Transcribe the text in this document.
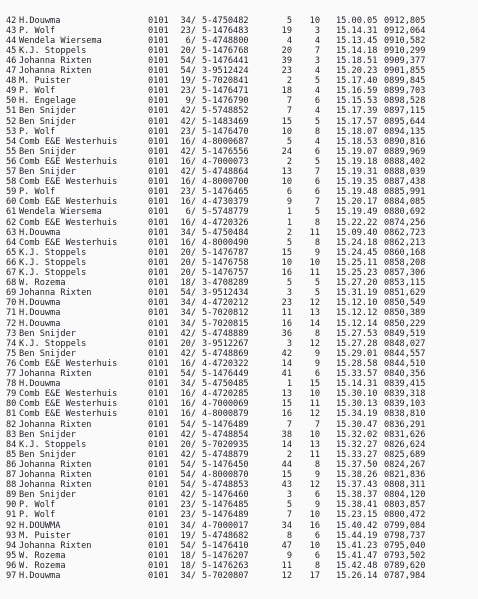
42 H.Douwma	0101	34/ 5-4750482	5	10 15.00.05 0912,805
43 P. Wolf	0101	23/ 5-1476483	19	3 15.14.31 0912,064
44 Wendela Wiersema	0101	6/ 5-4748800	4	4 15.13.45 0910,582
45 K.J. Stoppels	0101	20/ 5-1476768	20	7 15.14.18 0910,299
46 Johanna Rixten	0101	54/ 5-1476441	39	3 15.18.51 0909,377
47 Johanna Rixten	0101	54/ 3-9512424	23	4 15.20.23 0901,855
48 M. Puister	0101	19/ 5-7020841	2	5 15.17.40 0899,845
49 P. Wolf	0101	23/ 5-1476471	18	4 15.16.59 0899,703
50 H. Engelage	0101	9/ 5-1476790	7	6 15.15.53 0898,528
51 Ben Snijder	0101	42/ 5-5748852	7	4 15.17.39 0897,115
52 Ben Snijder	0101	42/ 5-1483469	15	5 15.17.57 0895,644
53 P. Wolf	0101	23/ 5-1476470	10	8 15.18.07 0894,135
54 Comb E&E Westerhuis	0101	16/ 4-8000687	5	4 15.18.53 0890,816
55 Ben Snijder	0101	42/ 5-1476556	24	6 15.19.07 0889,969
56 Comb E&E Westerhuis	0101	16/ 4-7000073	2	5 15.19.18 0888,402
57 Ben Snijder	0101	42/ 5-4748864	13	7 15.19.31 0888,039
58 Comb E&E Westerhuis	0101	16/ 4-8000700	10	6 15.19.35 0887,438
59 P. Wolf	0101	23/ 5-1476465	6	6 15.19.48 0885,991
60 Comb E&E Westerhuis	0101	16/ 4-4730379	9	7 15.20.17 0884,085
61 Wendela Wiersema	0101	6/ 5-5748779	1	5 15.19.49 0880,692
62 Comb E&E Westerhuis	0101	16/ 4-4720326	1	8 15.22.22 0874,256
63 H.Douwma	0101	34/ 5-4750484	2	11 15.09.40 0862,723
64 Comb E&E Westerhuis	0101	16/ 4-8000490	5	8 15.24.18 0862,213
65 K.J. Stoppels	0101	20/ 5-1476787	15	9 15.24.45 0860,168
66 K.J. Stoppels	0101	20/ 5-1476758	10	10 15.25.11 0858,208
67 K.J. Stoppels	0101	20/ 5-1476757	16	11 15.25.23 0857,306
68 W. Rozema	0101	18/ 3-4708289	5	5 15.27.20 0853,115
69 Johanna Rixten	0101	54/ 3-9512434	3	5 15.31.19 0851,629
70 H.Douwma	0101	34/ 4-4720212	23	12 15.12.10 0850,549
71 H.Douwma	0101	34/ 5-7020812	11	13 15.12.12 0850,389
72 H.Douwma	0101	34/ 5-7020815	16	14 15.12.14 0850,229
73 Ben Snijder	0101	42/ 5-4748889	36	8 15.27.53 0849,519
74 K.J. Stoppels	0101	20/ 3-9512267	3	12 15.27.28 0848,027
75 Ben Snijder	0101	42/ 5-4748869	42	9 15.29.01 0844,557
76 Comb E&E Westerhuis	0101	16/ 4-4720322	14	9 15.28.58 0844,510
77 Johanna Rixten	0101	54/ 5-1476449	41	6 15.33.57 0840,356
78 H.Douwma	0101	34/ 5-4750485	1	15 15.14.31 0839,415
79 Comb E&E Westerhuis	0101	16/ 4-4720285	13	10 15.30.10 0839,318
80 Comb E&E Westerhuis	0101	16/ 4-7000069	15	11 15.30.13 0839,103
81 Comb E&E Westerhuis	0101	16/ 4-8000879	16	12 15.34.19 0838,810
82 Johanna Rixten	0101	54/ 5-1476489	7	7 15.30.47 0836,291
83 Ben Snijder	0101	42/ 5-4748854	38	10 15.32.02 0831,626
84 K.J. Stoppels	0101	20/ 5-7020935	14	13 15.32.27 0826,624
85 Ben Snijder	0101	42/ 5-4748879	2	11 15.33.27 0825,689
86 Johanna Rixten	0101	54/ 5-1476450	44	8 15.37.50 0824,267
87 Johanna Rixten	0101	54/ 4-8000870	15	9 15.38.26 0821,836
88 Johanna Rixten	0101	54/ 5-4748853	43	12 15.37.43 0808,311
89 Ben Snijder	0101	42/ 5-1476460	3	6 15.38.37 0804,120
90 P. Wolf	0101	23/ 5-1476485	5	9 15.38.41 0803,857
91 P. Wolf	0101	23/ 5-1476489	7	10 15.23.15 0800,472
92 H.DOUWMA	0101	34/ 4-7000017	34	16 15.40.42 0799,084
93 M. Puister	0101	19/ 5-4748682	8	6 15.44.19 0798,737
94 Johanna Rixten	0101	54/ 5-1476410	47	10 15.41.23 0795,040
95 W. Rozema	0101	18/ 5-1476207	9	6 15.41.47 0793,502
96 W. Rozema	0101	18/ 5-1476263	11	8 15.42.48 0789,620
97 H.Douwma	0101	34/ 5-7020807	12	17 15.26.14 0787,984
